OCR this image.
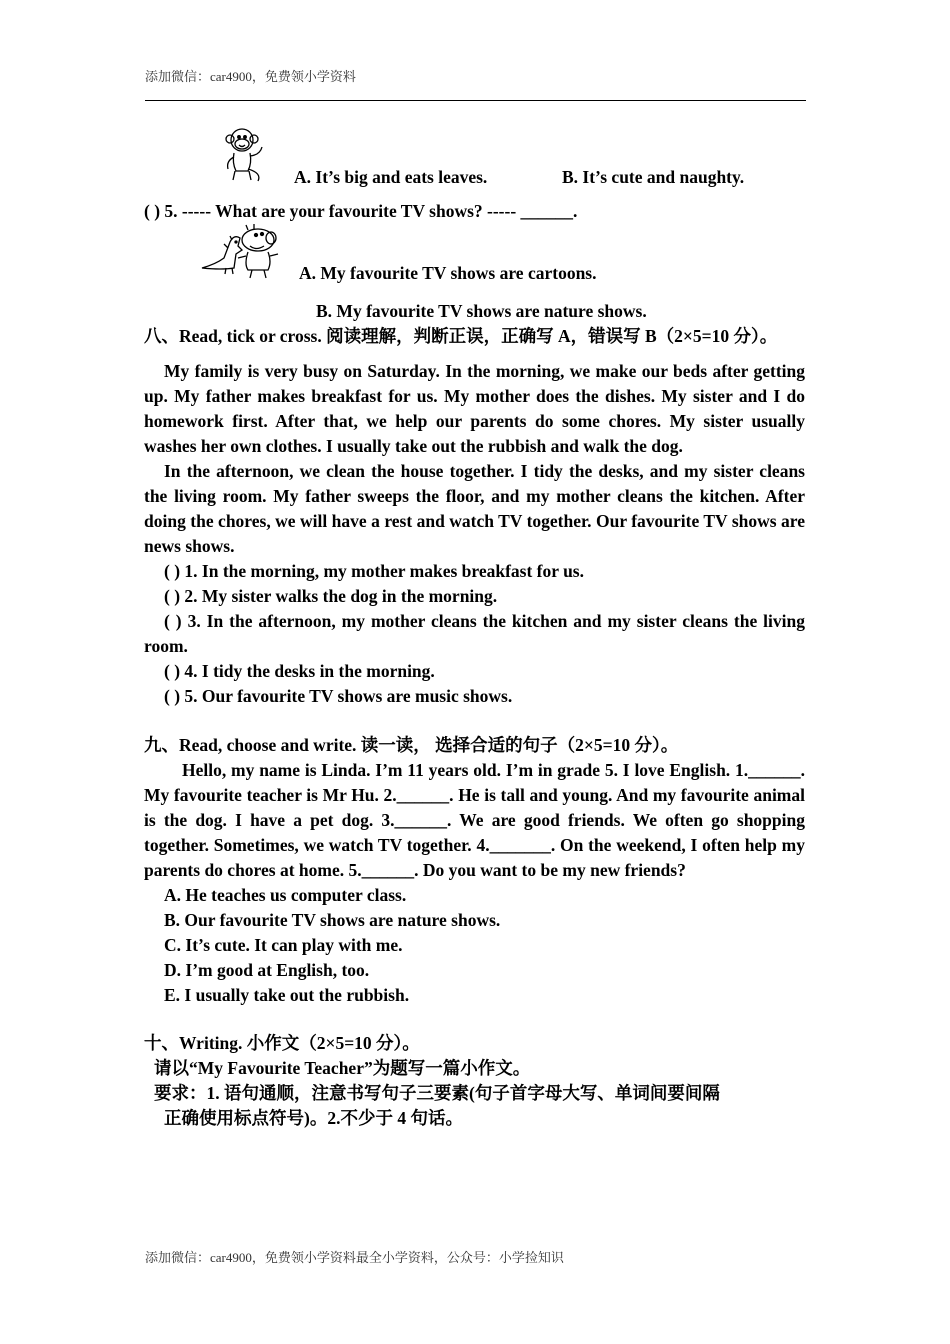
添加微信：car4900，免费领小学资料
A. It’s big and eats leaves.	B. It’s cute and naughty.
( ) 5. ----- What are your favourite TV shows? ----- ______.
A. My favourite TV shows are cartoons.
B. My favourite TV shows are nature shows.
八、Read, tick or cross. 阅读理解，判断正误，正确写 A，错误写 B（2×5=10 分）。

My family is very busy on Saturday. In the morning, we make our beds after getting up. My father makes breakfast for us. My mother does the dishes. My sister and I do homework first. After that, we help our parents do some chores. My sister usually washes her own clothes. I usually take out the rubbish and walk the dog.

In the afternoon, we clean the house together. I tidy the desks, and my sister cleans the living room. My father sweeps the floor, and my mother cleans the kitchen. After doing the chores, we will have a rest and watch TV together. Our favourite TV shows are news shows.

( ) 1. In the morning, my mother makes breakfast for us.

( ) 2. My sister walks the dog in the morning.

( ) 3. In the afternoon, my mother cleans the kitchen and my sister cleans the living room.

( ) 4. I tidy the desks in the morning.

( ) 5. Our favourite TV shows are music shows.

九、Read, choose and write. 读一读， 选择合适的句子（2×5=10 分）。

Hello, my name is Linda. I’m 11 years old. I’m in grade 5. I love English. 1.______. My favourite teacher is Mr Hu. 2.______. He is tall and young. And my favourite animal is the dog. I have a pet dog. 3.______. We are good friends. We often go shopping together. Sometimes, we watch TV together. 4._______. On the weekend, I often help my parents do chores at home. 5.______. Do you want to be my new friends?

A. He teaches us computer class.

B. Our favourite TV shows are nature shows.

C. It’s cute. It can play with me.

D. I’m good at English, too.

E. I usually take out the rubbish.

十、Writing. 小作文（2×5=10 分）。
请以“My Favourite Teacher”为题写一篇小作文。
要求：1. 语句通顺，注意书写句子三要素(句子首字母大写、单词间要间隔
正确使用标点符号)。2.不少于 4 句话。
添加微信：car4900，免费领小学资料最全小学资料，公众号：小学捡知识
